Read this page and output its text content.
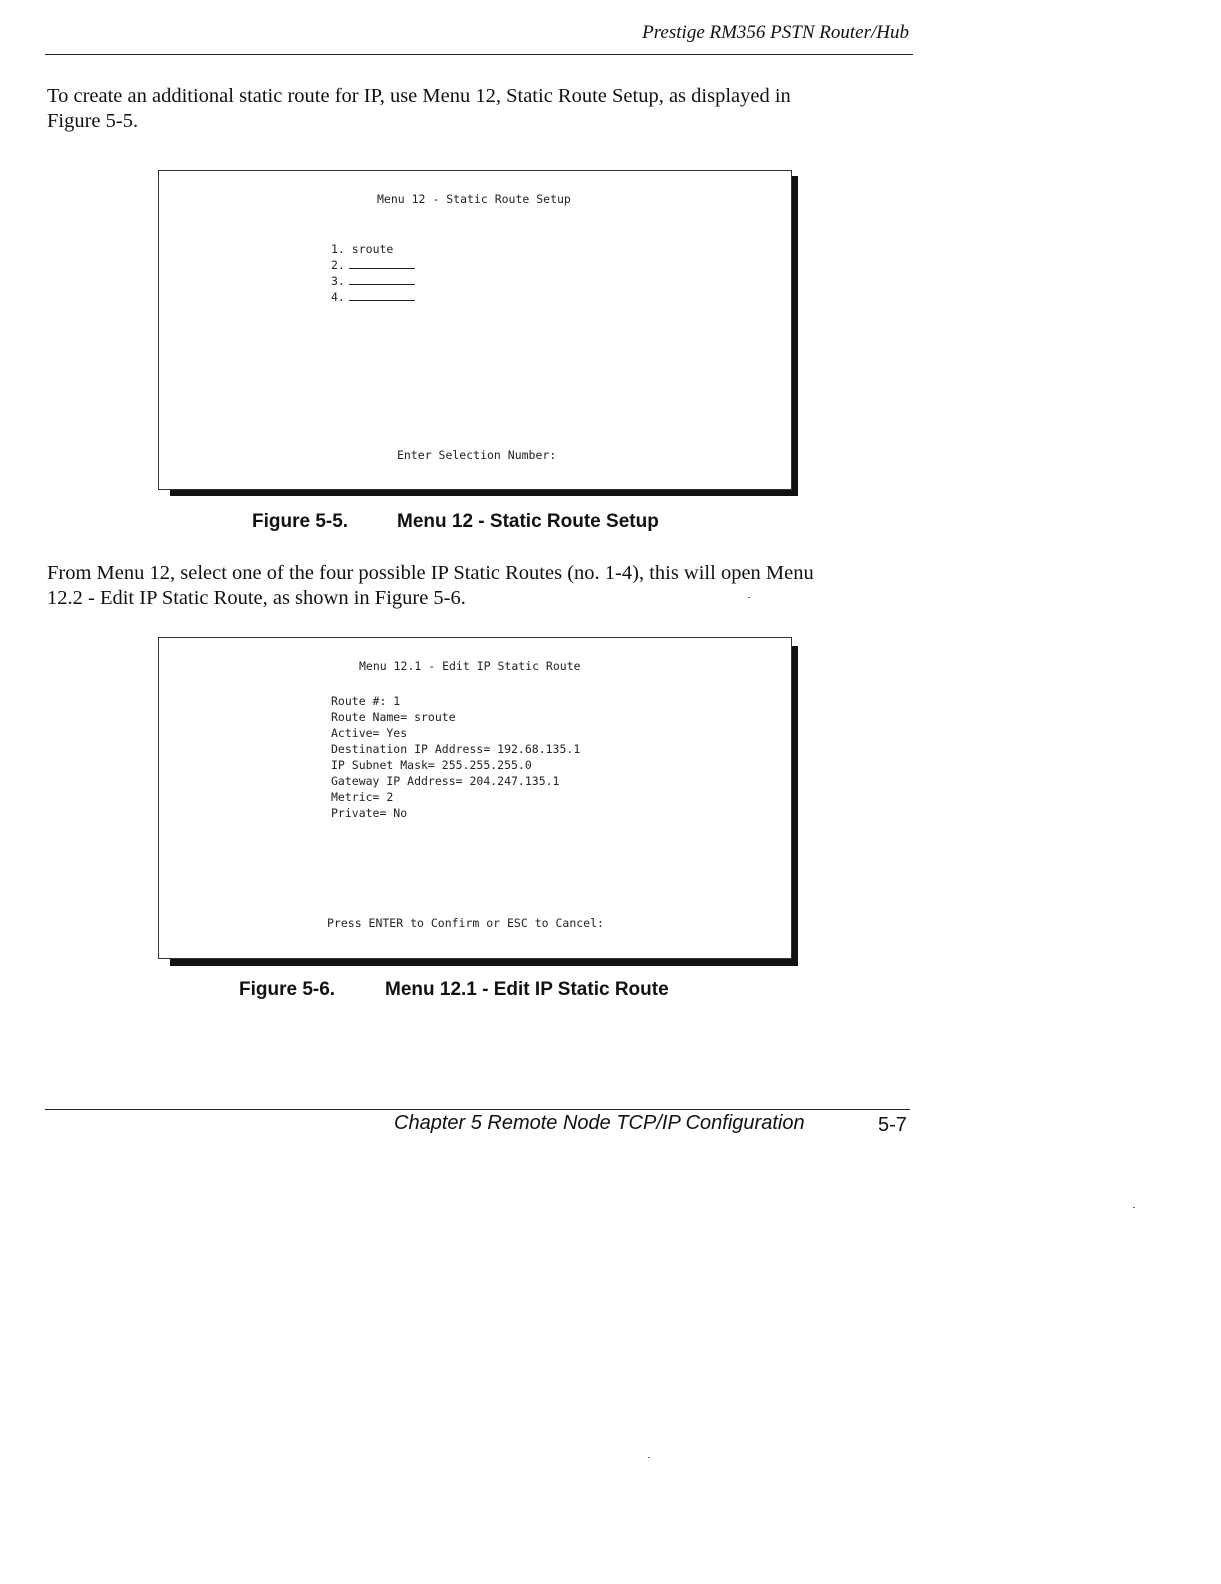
Prestige RM356 PSTN Router/Hub

To create an additional static route for IP, use Menu 12, Static Route Setup, as displayed in
Figure 5-5.

Menu 12 - Static Route Setup
1. sroute
2.
3.
4.
Enter Selection Number:
Figure 5-5.	Menu 12 - Static Route Setup

From Menu 12, select one of the four possible IP Static Routes (no. 1-4), this will open Menu
12.2 - Edit IP Static Route, as shown in Figure 5-6.

Menu 12.1 - Edit IP Static Route
Route #: 1
Route Name= sroute
Active= Yes
Destination IP Address= 192.68.135.1
IP Subnet Mask= 255.255.255.0
Gateway IP Address= 204.247.135.1
Metric= 2
Private= No
Press ENTER to Confirm or ESC to Cancel:
Figure 5-6.	Menu 12.1 - Edit IP Static Route
Chapter 5 Remote Node TCP/IP Configuration	5-7
